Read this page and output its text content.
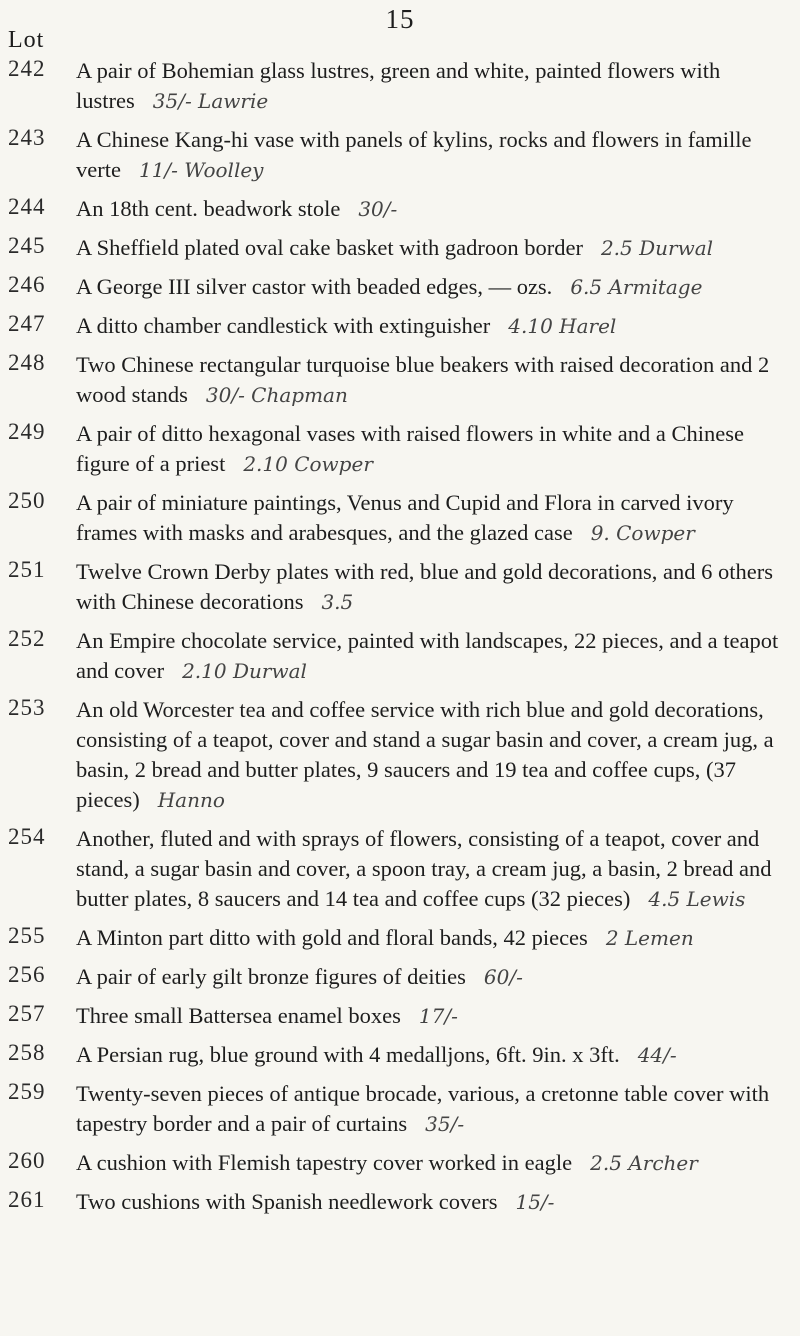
15
Lot
242 A pair of Bohemian glass lustres, green and white, painted flowers with lustres 35/- Lawrie
243 A Chinese Kang-hi vase with panels of kylins, rocks and flowers in famille verte 11/- Woolley
244 An 18th cent. beadwork stole 30/-
245 A Sheffield plated oval cake basket with gadroon border 2.5 Durwal
246 A George III silver castor with beaded edges, — ozs. 6.5 Armitage
247 A ditto chamber candlestick with extinguisher 4.10 Harel
248 Two Chinese rectangular turquoise blue beakers with raised decoration and 2 wood stands 30/- Chapman
249 A pair of ditto hexagonal vases with raised flowers in white and a Chinese figure of a priest 2.10 Cowper
250 A pair of miniature paintings, Venus and Cupid and Flora in carved ivory frames with masks and arabesques, and the glazed case 9. Cowper
251 Twelve Crown Derby plates with red, blue and gold decorations, and 6 others with Chinese decorations 3.5
252 An Empire chocolate service, painted with landscapes, 22 pieces, and a teapot and cover 2.10 Durwal
253 An old Worcester tea and coffee service with rich blue and gold decorations, consisting of a teapot, cover and stand a sugar basin and cover, a cream jug, a basin, 2 bread and butter plates, 9 saucers and 19 tea and coffee cups, (37 pieces) Hanno
254 Another, fluted and with sprays of flowers, consisting of a teapot, cover and stand, a sugar basin and cover, a spoon tray, a cream jug, a basin, 2 bread and butter plates, 8 saucers and 14 tea and coffee cups (32 pieces) 4.5 Lewis
255 A Minton part ditto with gold and floral bands, 42 pieces 2 Lemen
256 A pair of early gilt bronze figures of deities 60/-
257 Three small Battersea enamel boxes 17/-
258 A Persian rug, blue ground with 4 medalljons, 6ft. 9in. x 3ft. 44/-
259 Twenty-seven pieces of antique brocade, various, a cretonne table cover with tapestry border and a pair of curtains 35/-
260 A cushion with Flemish tapestry cover worked in eagle 2.5 Archer
261 Two cushions with Spanish needlework covers 15/-
